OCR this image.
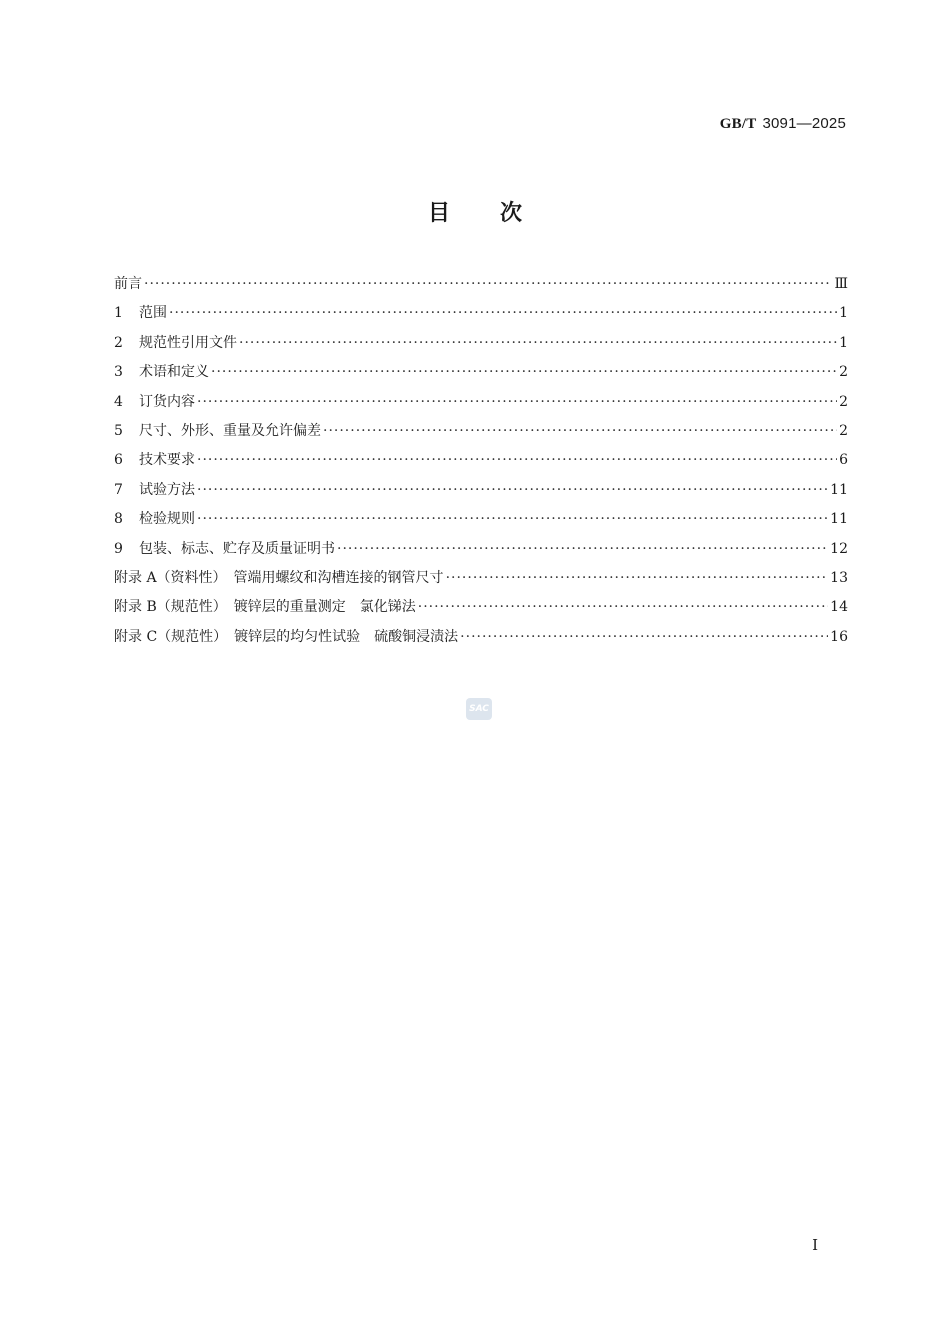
GB/T 3091—2025
目次
前言 ·····	Ⅲ
1	范围 ·····	1
2	规范性引用文件 ·····	1
3	术语和定义 ·····	2
4	订货内容 ·····	2
5	尺寸、外形、重量及允许偏差 ·····	2
6	技术要求 ·····	6
7	试验方法 ·····	11
8	检验规则 ·····	11
9	包装、标志、贮存及质量证明书 ·····	12
附录 A（资料性）　管端用螺纹和沟槽连接的钢管尺寸 ·····	13
附录 B（规范性）　镀锌层的重量测定　氯化锑法 ·····	14
附录 C（规范性）　镀锌层的均匀性试验　硫酸铜浸渍法 ·····	16
SAC
I
